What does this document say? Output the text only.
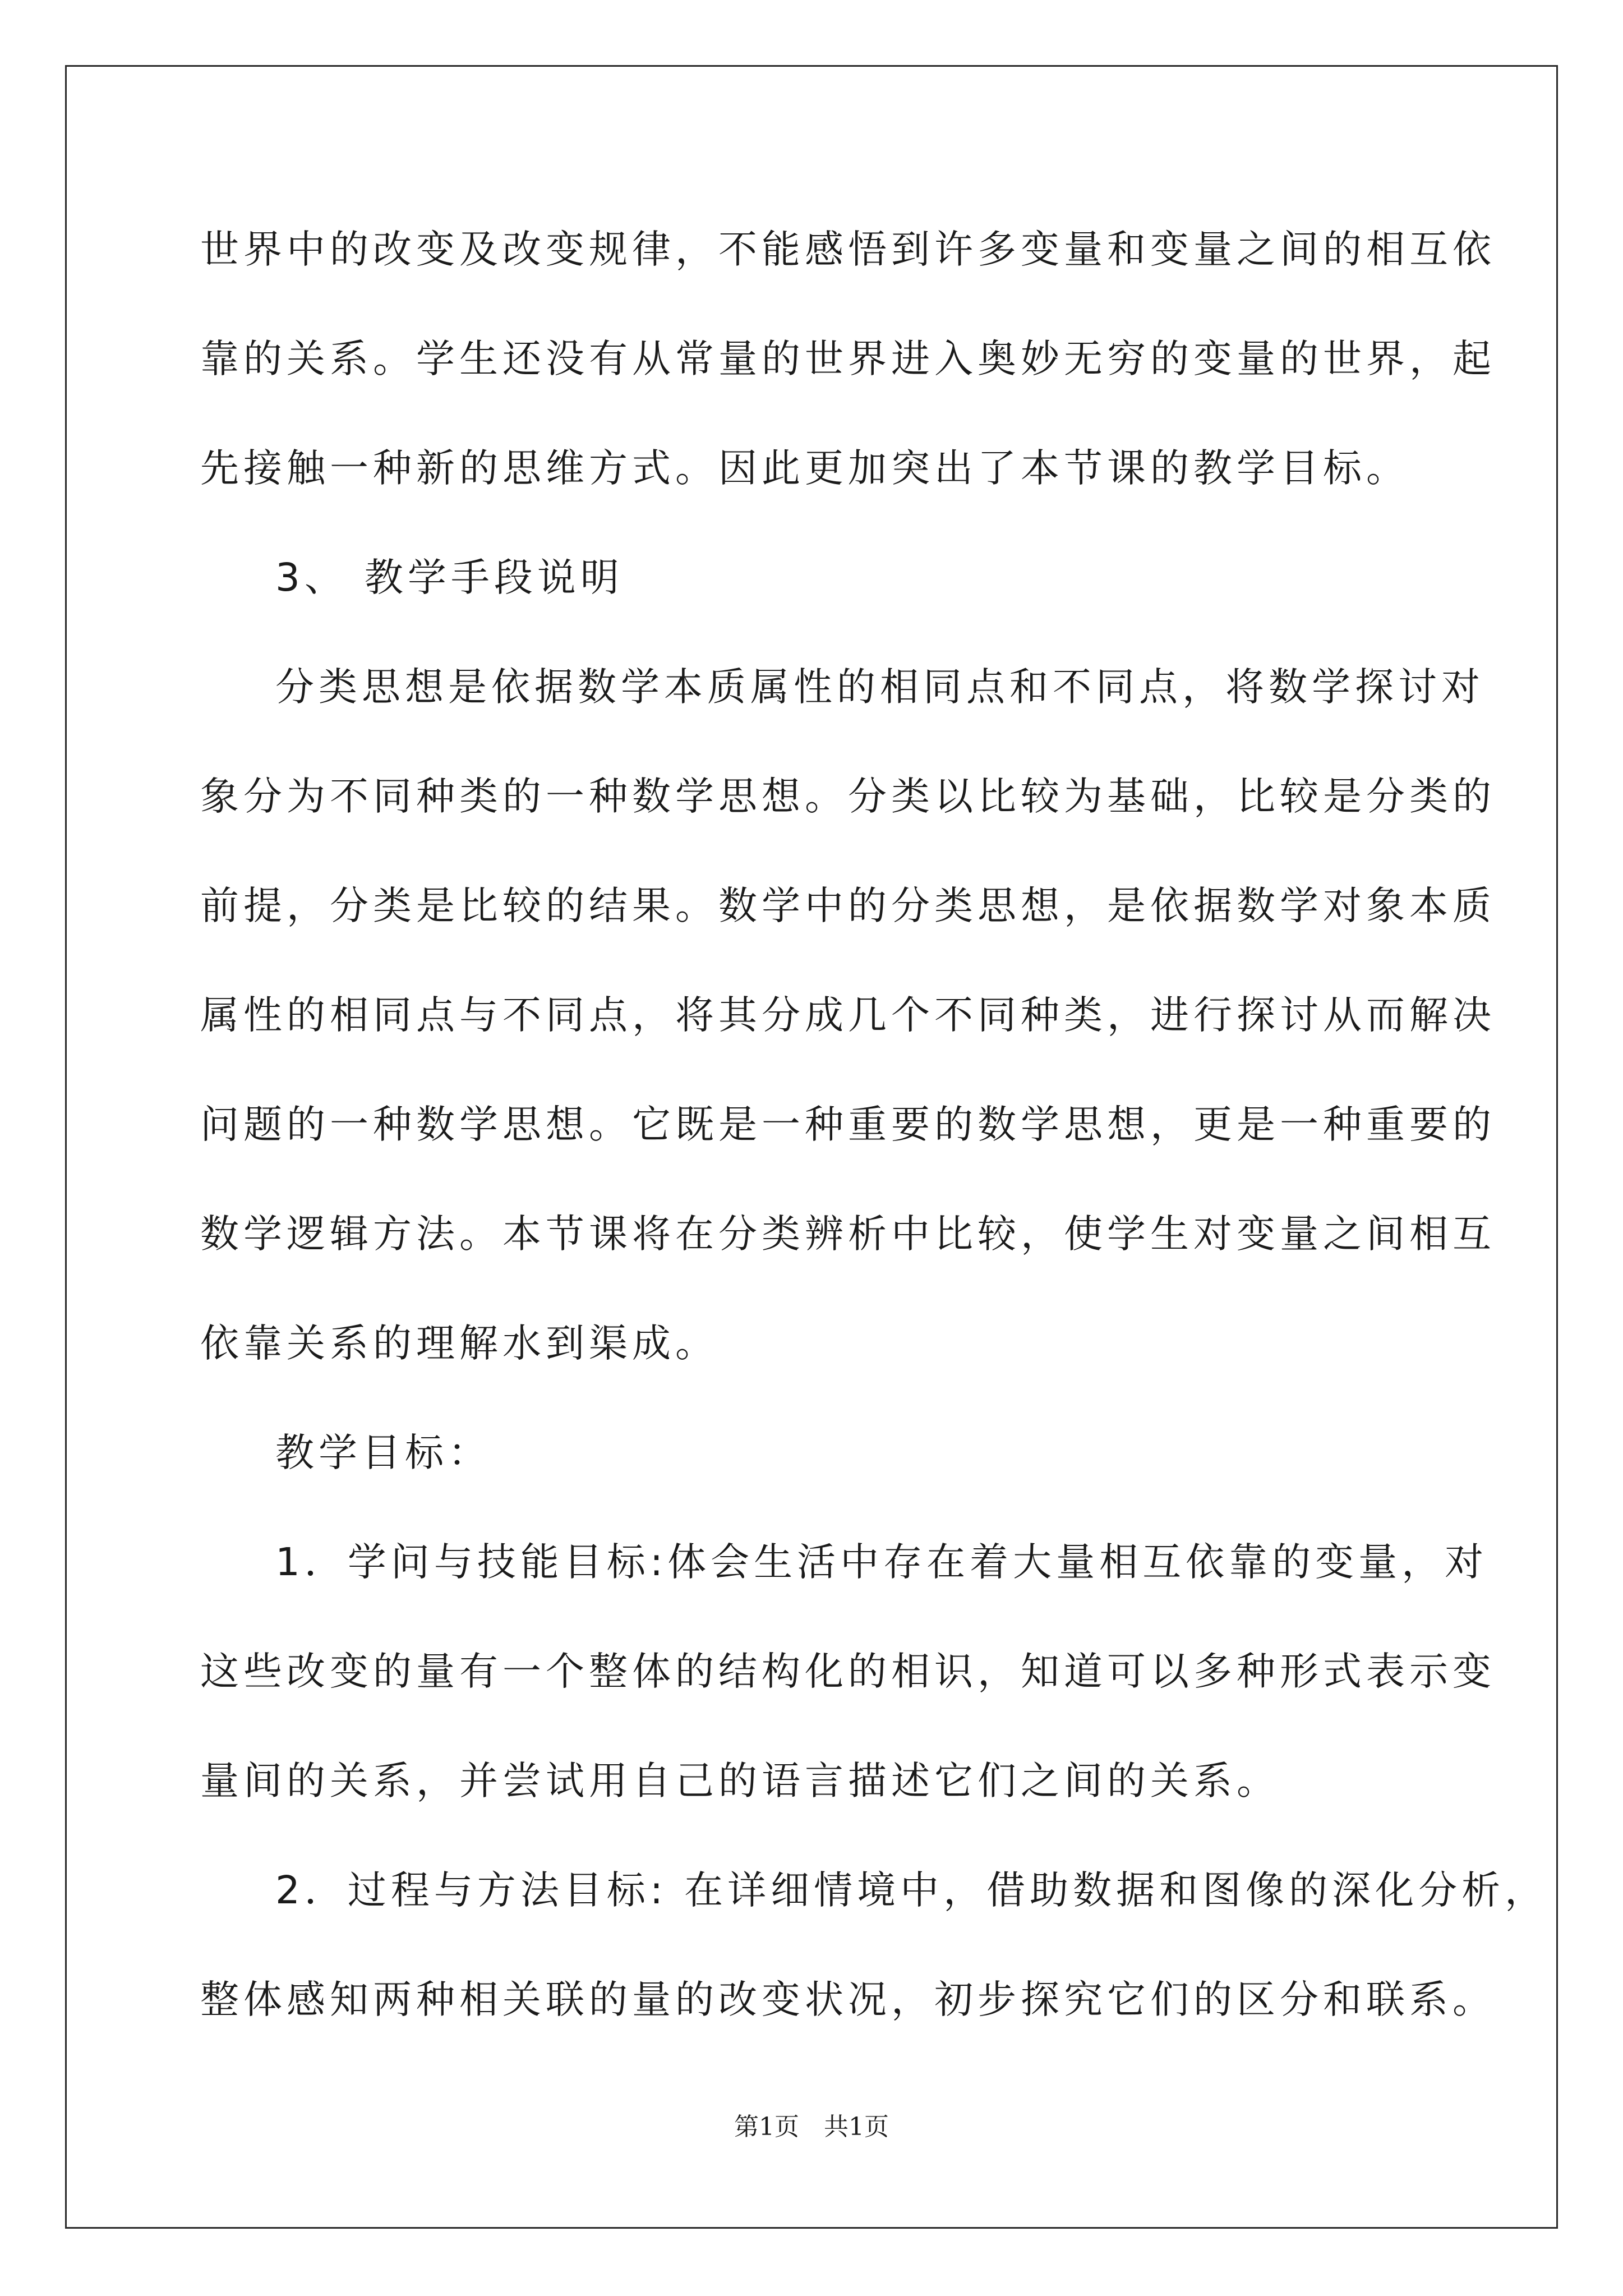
世界中的改变及改变规律，不能感悟到许多变量和变量之间的相互依
靠的关系。学生还没有从常量的世界进入奥妙无穷的变量的世界，起
先接触一种新的思维方式。因此更加突出了本节课的教学目标。
3、 教学手段说明
分类思想是依据数学本质属性的相同点和不同点，将数学探讨对
象分为不同种类的一种数学思想。分类以比较为基础，比较是分类的
前提，分类是比较的结果。数学中的分类思想，是依据数学对象本质
属性的相同点与不同点，将其分成几个不同种类，进行探讨从而解决
问题的一种数学思想。它既是一种重要的数学思想，更是一种重要的
数学逻辑方法。本节课将在分类辨析中比较，使学生对变量之间相互
依靠关系的理解水到渠成。
教学目标：
1．学问与技能目标:体会生活中存在着大量相互依靠的变量，对
这些改变的量有一个整体的结构化的相识，知道可以多种形式表示变
量间的关系，并尝试用自己的语言描述它们之间的关系。
2．过程与方法目标: 在详细情境中，借助数据和图像的深化分析，
整体感知两种相关联的量的改变状况，初步探究它们的区分和联系。
第1页　共1页
